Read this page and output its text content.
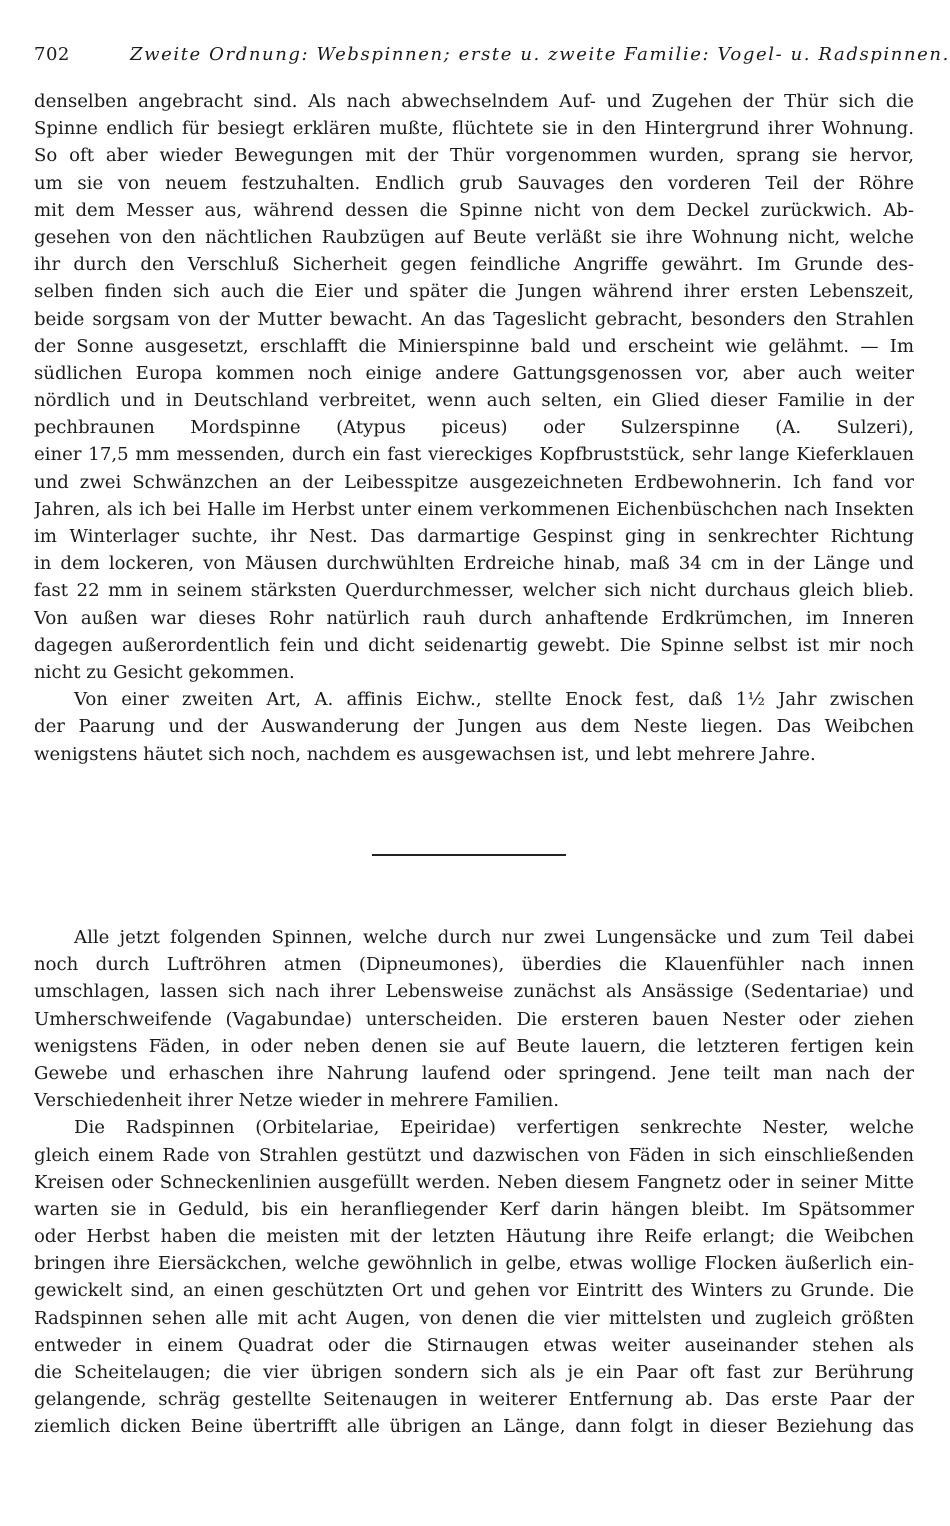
702	Zweite Ordnung: Webspinnen; erste u. zweite Familie: Vogel- u. Radspinnen.
denselben angebracht sind. Als nach abwechselndem Auf- und Zugehen der Thür sich die
Spinne endlich für besiegt erklären mußte, flüchtete sie in den Hintergrund ihrer Wohnung.
So oft aber wieder Bewegungen mit der Thür vorgenommen wurden, sprang sie hervor,
um sie von neuem festzuhalten. Endlich grub Sauvages den vorderen Teil der Röhre
mit dem Messer aus, während dessen die Spinne nicht von dem Deckel zurückwich. Ab-
gesehen von den nächtlichen Raubzügen auf Beute verläßt sie ihre Wohnung nicht, welche
ihr durch den Verschluß Sicherheit gegen feindliche Angriffe gewährt. Im Grunde des-
selben finden sich auch die Eier und später die Jungen während ihrer ersten Lebenszeit,
beide sorgsam von der Mutter bewacht. An das Tageslicht gebracht, besonders den Strahlen
der Sonne ausgesetzt, erschlafft die Minierspinne bald und erscheint wie gelähmt. — Im
südlichen Europa kommen noch einige andere Gattungsgenossen vor, aber auch weiter
nördlich und in Deutschland verbreitet, wenn auch selten, ein Glied dieser Familie in der
pechbraunen Mordspinne (Atypus piceus) oder Sulzerspinne (A. Sulzeri),
einer 17,5 mm messenden, durch ein fast viereckiges Kopfbruststück, sehr lange Kieferklauen
und zwei Schwänzchen an der Leibesspitze ausgezeichneten Erdbewohnerin. Ich fand vor
Jahren, als ich bei Halle im Herbst unter einem verkommenen Eichenbüschchen nach Insekten
im Winterlager suchte, ihr Nest. Das darmartige Gespinst ging in senkrechter Richtung
in dem lockeren, von Mäusen durchwühlten Erdreiche hinab, maß 34 cm in der Länge und
fast 22 mm in seinem stärksten Querdurchmesser, welcher sich nicht durchaus gleich blieb.
Von außen war dieses Rohr natürlich rauh durch anhaftende Erdkrümchen, im Inneren
dagegen außerordentlich fein und dicht seidenartig gewebt. Die Spinne selbst ist mir noch
nicht zu Gesicht gekommen.
Von einer zweiten Art, A. affinis Eichw., stellte Enock fest, daß 1½ Jahr zwischen
der Paarung und der Auswanderung der Jungen aus dem Neste liegen. Das Weibchen
wenigstens häutet sich noch, nachdem es ausgewachsen ist, und lebt mehrere Jahre.
Alle jetzt folgenden Spinnen, welche durch nur zwei Lungensäcke und zum Teil dabei
noch durch Luftröhren atmen (Dipneumones), überdies die Klauenfühler nach innen
umschlagen, lassen sich nach ihrer Lebensweise zunächst als Ansässige (Sedentariae) und
Umherschweifende (Vagabundae) unterscheiden. Die ersteren bauen Nester oder ziehen
wenigstens Fäden, in oder neben denen sie auf Beute lauern, die letzteren fertigen kein
Gewebe und erhaschen ihre Nahrung laufend oder springend. Jene teilt man nach der
Verschiedenheit ihrer Netze wieder in mehrere Familien.
Die Radspinnen (Orbitelariae, Epeiridae) verfertigen senkrechte Nester, welche
gleich einem Rade von Strahlen gestützt und dazwischen von Fäden in sich einschließenden
Kreisen oder Schneckenlinien ausgefüllt werden. Neben diesem Fangnetz oder in seiner Mitte
warten sie in Geduld, bis ein heranfliegender Kerf darin hängen bleibt. Im Spätsommer
oder Herbst haben die meisten mit der letzten Häutung ihre Reife erlangt; die Weibchen
bringen ihre Eiersäckchen, welche gewöhnlich in gelbe, etwas wollige Flocken äußerlich ein-
gewickelt sind, an einen geschützten Ort und gehen vor Eintritt des Winters zu Grunde. Die
Radspinnen sehen alle mit acht Augen, von denen die vier mittelsten und zugleich größten
entweder in einem Quadrat oder die Stirnaugen etwas weiter auseinander stehen als
die Scheitelaugen; die vier übrigen sondern sich als je ein Paar oft fast zur Berührung
gelangende, schräg gestellte Seitenaugen in weiterer Entfernung ab. Das erste Paar der
ziemlich dicken Beine übertrifft alle übrigen an Länge, dann folgt in dieser Beziehung das
